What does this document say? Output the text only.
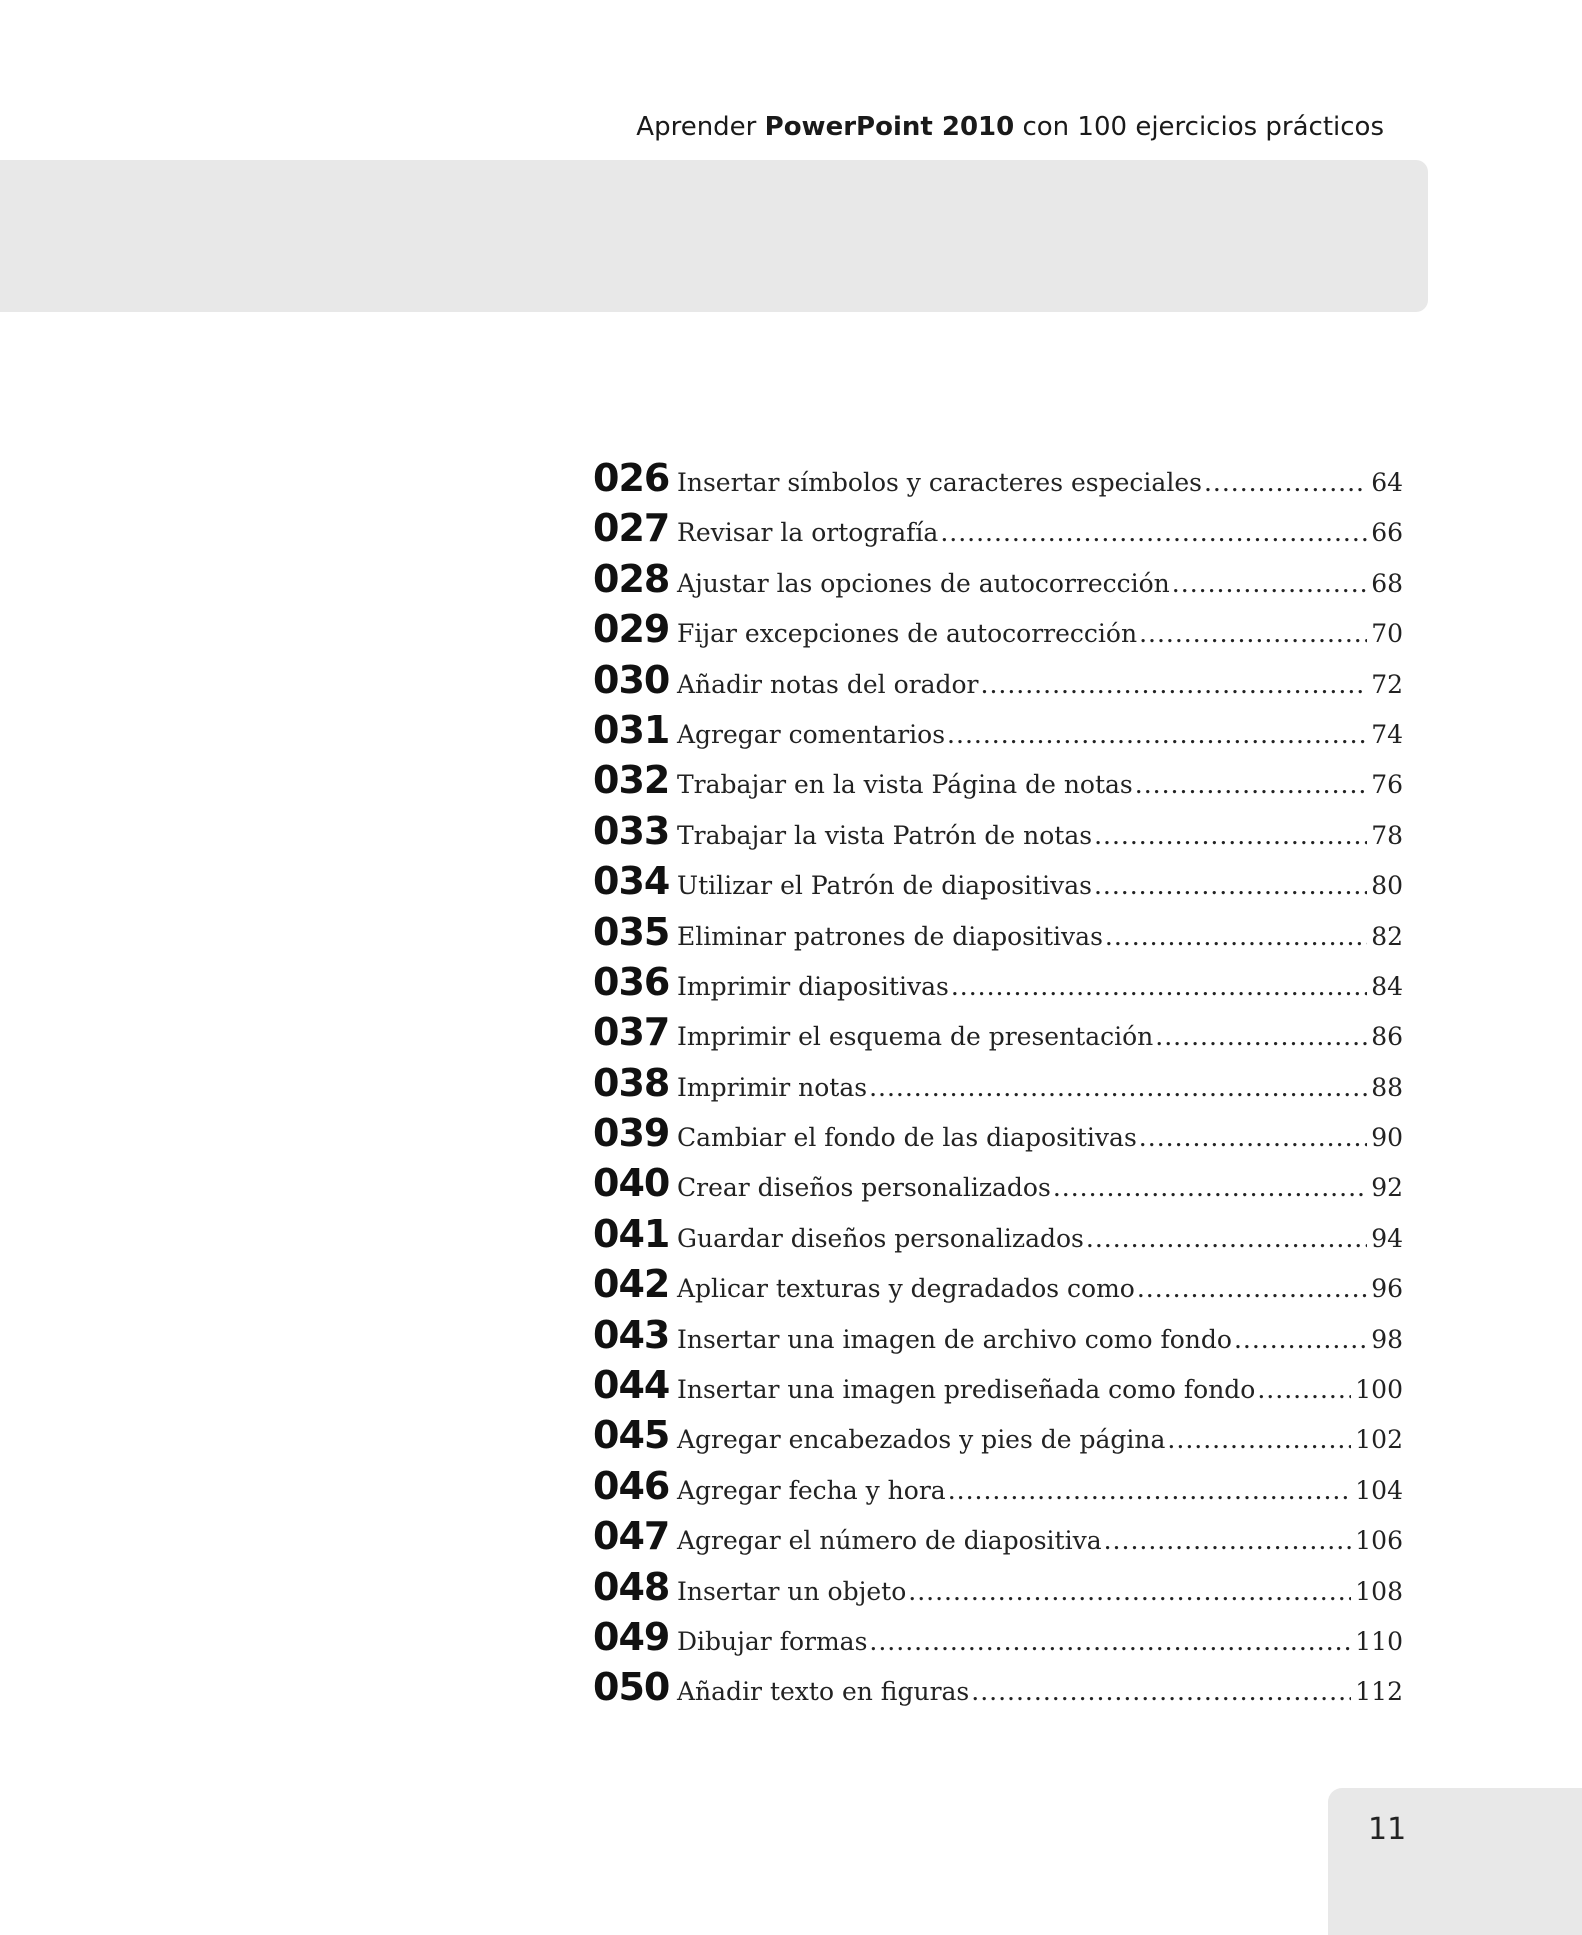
Aprender PowerPoint 2010 con 100 ejercicios prácticos
026 Insertar símbolos y caracteres especiales .....	64
027 Revisar la ortografía .....	66
028 Ajustar las opciones de autocorrección .....	68
029 Fijar excepciones de autocorrección .....	70
030 Añadir notas del orador .....	72
031 Agregar comentarios .....	74
032 Trabajar en la vista Página de notas .....	76
033 Trabajar la vista Patrón de notas .....	78
034 Utilizar el Patrón de diapositivas .....	80
035 Eliminar patrones de diapositivas .....	82
036 Imprimir diapositivas .....	84
037 Imprimir el esquema de presentación .....	86
038 Imprimir notas .....	88
039 Cambiar el fondo de las diapositivas .....	90
040 Crear diseños personalizados .....	92
041 Guardar diseños personalizados .....	94
042 Aplicar texturas y degradados como .....	96
043 Insertar una imagen de archivo como fondo .....	98
044 Insertar una imagen prediseñada como fondo .....	100
045 Agregar encabezados y pies de página .....	102
046 Agregar fecha y hora .....	104
047 Agregar el número de diapositiva .....	106
048 Insertar un objeto .....	108
049 Dibujar formas .....	110
050 Añadir texto en figuras .....	112
11
